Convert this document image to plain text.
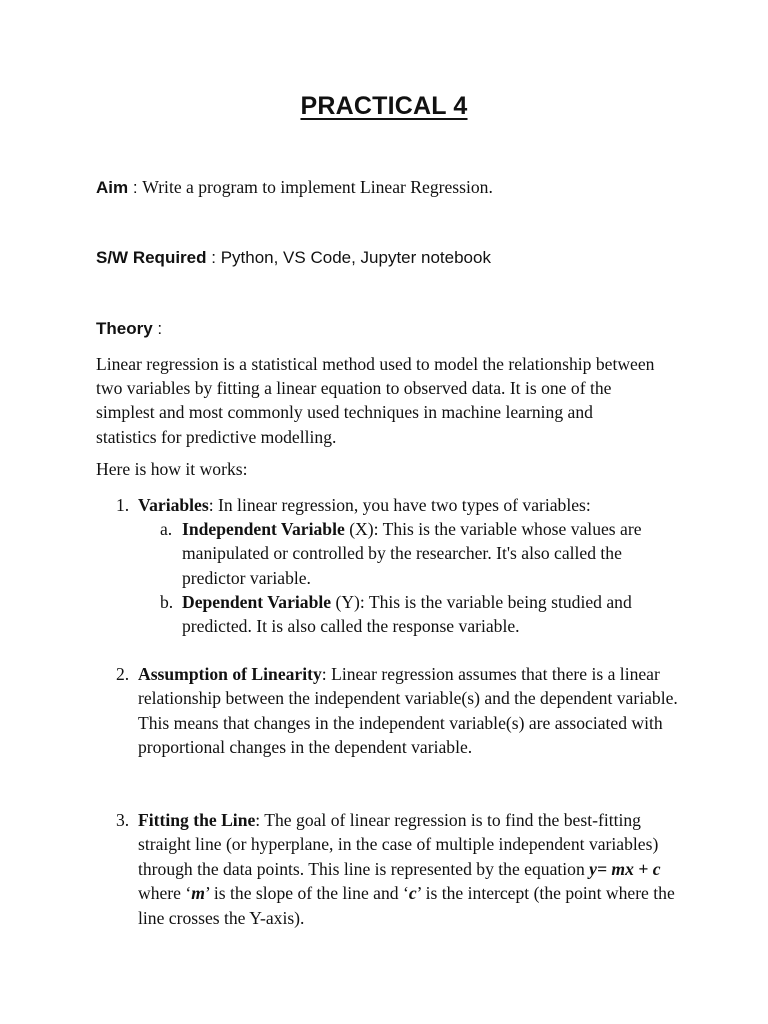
PRACTICAL 4
Aim : Write a program to implement Linear Regression.
S/W Required : Python, VS Code, Jupyter notebook
Theory :

Linear regression is a statistical method used to model the relationship between two variables by fitting a linear equation to observed data. It is one of the simplest and most commonly used techniques in machine learning and statistics for predictive modelling.

Here is how it works:
1. Variables: In linear regression, you have two types of variables:
a. Independent Variable (X): This is the variable whose values are manipulated or controlled by the researcher. It's also called the predictor variable.
b. Dependent Variable (Y): This is the variable being studied and predicted. It is also called the response variable.
2. Assumption of Linearity: Linear regression assumes that there is a linear relationship between the independent variable(s) and the dependent variable. This means that changes in the independent variable(s) are associated with proportional changes in the dependent variable.
3. Fitting the Line: The goal of linear regression is to find the best-fitting straight line (or hyperplane, in the case of multiple independent variables) through the data points. This line is represented by the equation y= mx + c where ‘m’ is the slope of the line and ‘c’ is the intercept (the point where the line crosses the Y-axis).
